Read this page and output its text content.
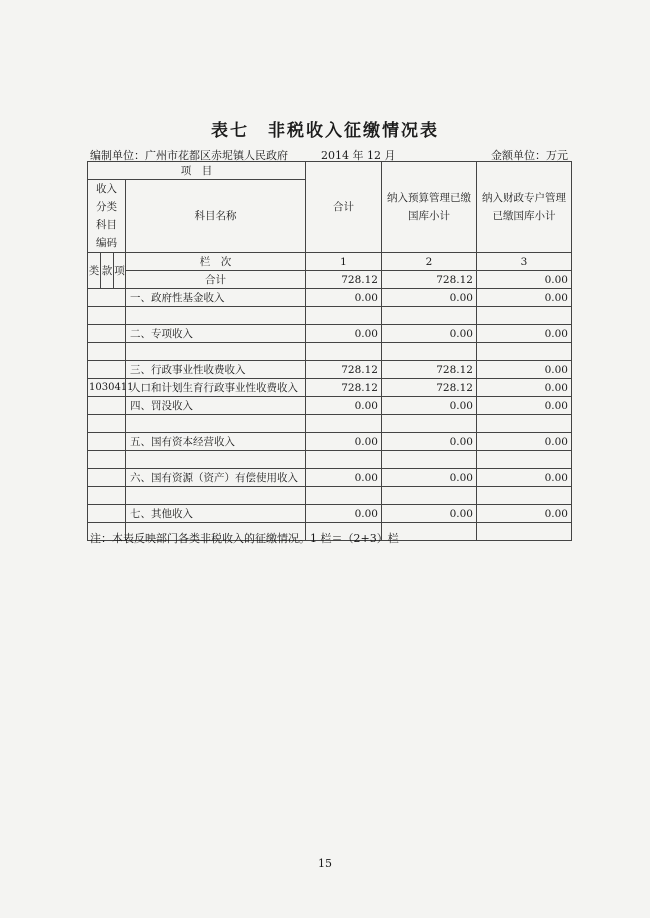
表七　非税收入征缴情况表
编制单位：广州市花都区赤坭镇人民政府　　　2014 年 12 月	金额单位：万元
项　目				合计	纳入预算管理已缴国库小计	纳入财政专户管理已缴国库小计
收入分类科目编码			科目名称			
类	款	项	栏　次	1	2	3
			合计	728.12	728.12	0.00
			一、政府性基金收入	0.00	0.00	0.00

			二、专项收入	0.00	0.00	0.00

			三、行政事业性收费收入	728.12	728.12	0.00
1030411			人口和计划生育行政事业性收费收入	728.12	728.12	0.00
			四、罚没收入	0.00	0.00	0.00

			五、国有资本经营收入	0.00	0.00	0.00

			六、国有资源（资产）有偿使用收入	0.00	0.00	0.00

			七、其他收入	0.00	0.00	0.00

注：本表反映部门各类非税收入的征缴情况。1 栏＝（2+3）栏
15
